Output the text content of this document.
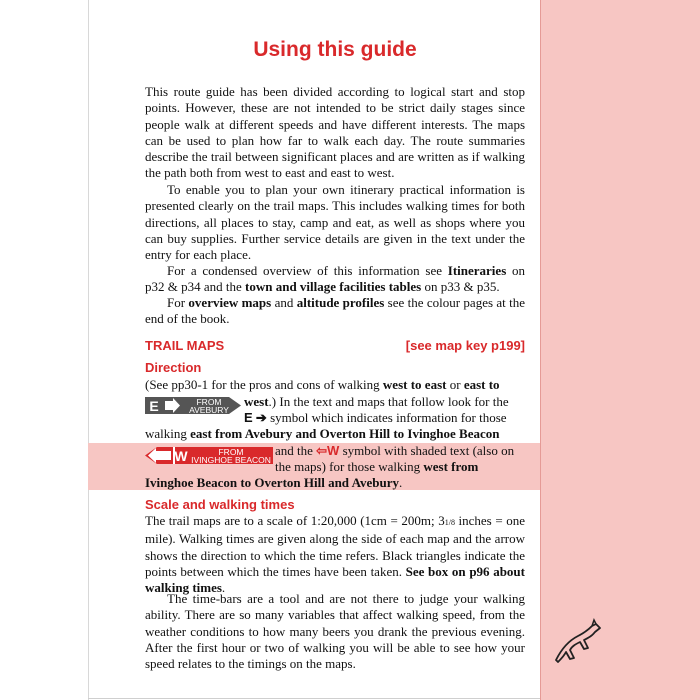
Using this guide

This route guide has been divided according to logical start and stop points. However, these are not intended to be strict daily stages since people walk at different speeds and have different interests. The maps can be used to plan how far to walk each day. The route summaries describe the trail between significant places and are written as if walking the path both from west to east and east to west.

To enable you to plan your own itinerary practical information is presented clearly on the trail maps. This includes walking times for both directions, all places to stay, camp and eat, as well as shops where you can buy supplies. Further service details are given in the text under the entry for each place.

For a condensed overview of this information see Itineraries on p32 & p34 and the town and village facilities tables on p33 & p35.

For overview maps and altitude profiles see the colour pages at the end of the book.

TRAIL MAPS	[see map key p199]
Direction
(See pp30-1 for the pros and cons of walking west to east or east to
west.) In the text and maps that follow look for the
E	FROM
AVEBURY
E ➔ symbol which indicates information for those
walking east from Avebury and Overton Hill to Ivinghoe Beacon
W	FROM
IVINGHOE BEACON
and the ⇦W symbol with shaded text (also on
the maps) for those walking west from
Ivinghoe Beacon to Overton Hill and Avebury.
Scale and walking times

The trail maps are to a scale of 1:20,000 (1cm = 200m; 31/8 inches = one mile). Walking times are given along the side of each map and the arrow shows the direction to which the time refers. Black triangles indicate the points between which the times have been taken. See box on p96 about walking times.

The time-bars are a tool and are not there to judge your walking ability. There are so many variables that affect walking speed, from the weather conditions to how many beers you drank the previous evening. After the first hour or two of walking you will be able to see how your speed relates to the timings on the maps.
